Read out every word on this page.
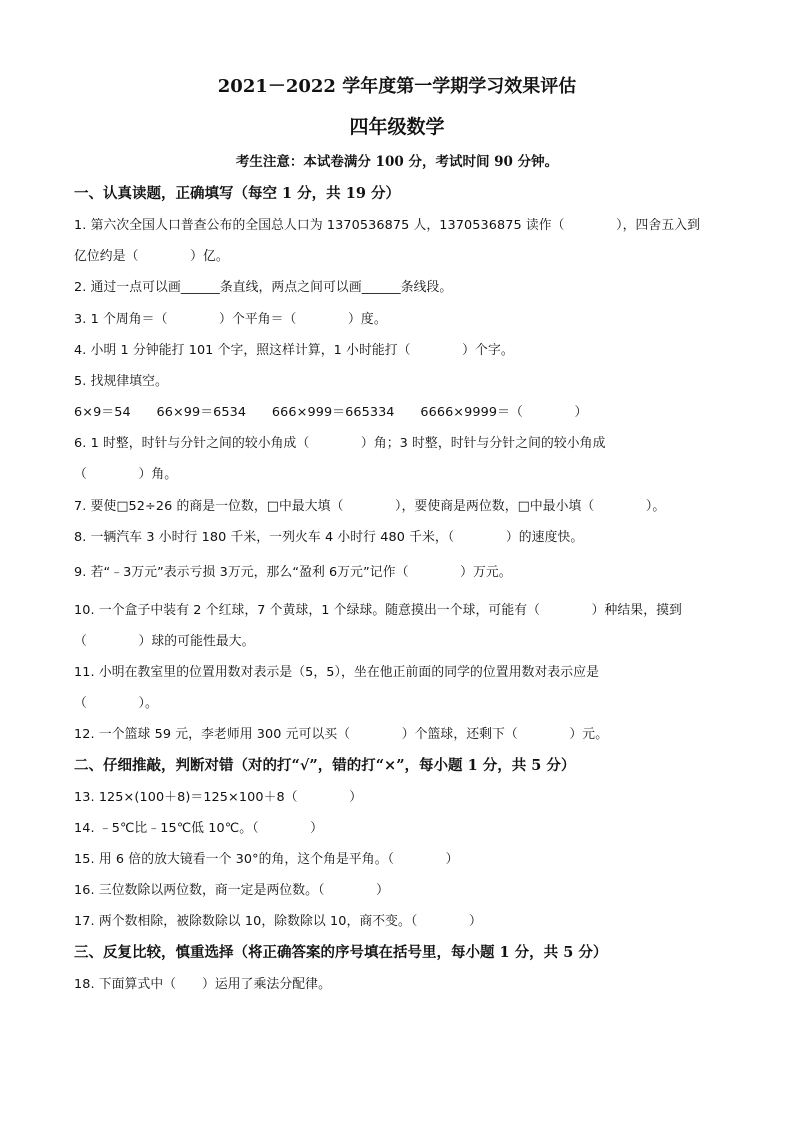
2021－2022 学年度第一学期学习效果评估
四年级数学
考生注意：本试卷满分 100 分，考试时间 90 分钟。
一、认真读题，正确填写（每空 1 分，共 19 分）
1. 第六次全国人口普查公布的全国总人口为 1370536875 人，1370536875 读作（　　　　），四舍五入到
亿位约是（　　　　）亿。
2. 通过一点可以画______条直线，两点之间可以画______条线段。
3. 1 个周角＝（　　　　）个平角＝（　　　　）度。
4. 小明 1 分钟能打 101 个字，照这样计算，1 小时能打（　　　　）个字。
5. 找规律填空。
6×9＝54　　66×99＝6534　　666×999＝665334　　6666×9999＝（　　　　）
6. 1 时整，时针与分针之间的较小角成（　　　　）角；3 时整，时针与分针之间的较小角成
（　　　　）角。
7. 要使□52÷26 的商是一位数，□中最大填（　　　　），要使商是两位数，□中最小填（　　　　）。
8. 一辆汽车 3 小时行 180 千米，一列火车 4 小时行 480 千米，（　　　　）的速度快。
9. 若“﹣3万元”表示亏损 3万元，那么“盈利 6万元”记作（　　　　）万元。
10. 一个盒子中装有 2 个红球，7 个黄球，1 个绿球。随意摸出一个球，可能有（　　　　）种结果，摸到
（　　　　）球的可能性最大。
11. 小明在教室里的位置用数对表示是（5，5），坐在他正前面的同学的位置用数对表示应是
（　　　　）。
12. 一个篮球 59 元，李老师用 300 元可以买（　　　　）个篮球，还剩下（　　　　）元。
二、仔细推敲，判断对错（对的打“√”，错的打“×”，每小题 1 分，共 5 分）
13. 125×(100＋8)＝125×100＋8（　　　　）
14. ﹣5℃比﹣15℃低 10℃。（　　　　）
15. 用 6 倍的放大镜看一个 30°的角，这个角是平角。（　　　　）
16. 三位数除以两位数，商一定是两位数。（　　　　）
17. 两个数相除，被除数除以 10，除数除以 10，商不变。（　　　　）
三、反复比较，慎重选择（将正确答案的序号填在括号里，每小题 1 分，共 5 分）
18. 下面算式中（　　）运用了乘法分配律。
